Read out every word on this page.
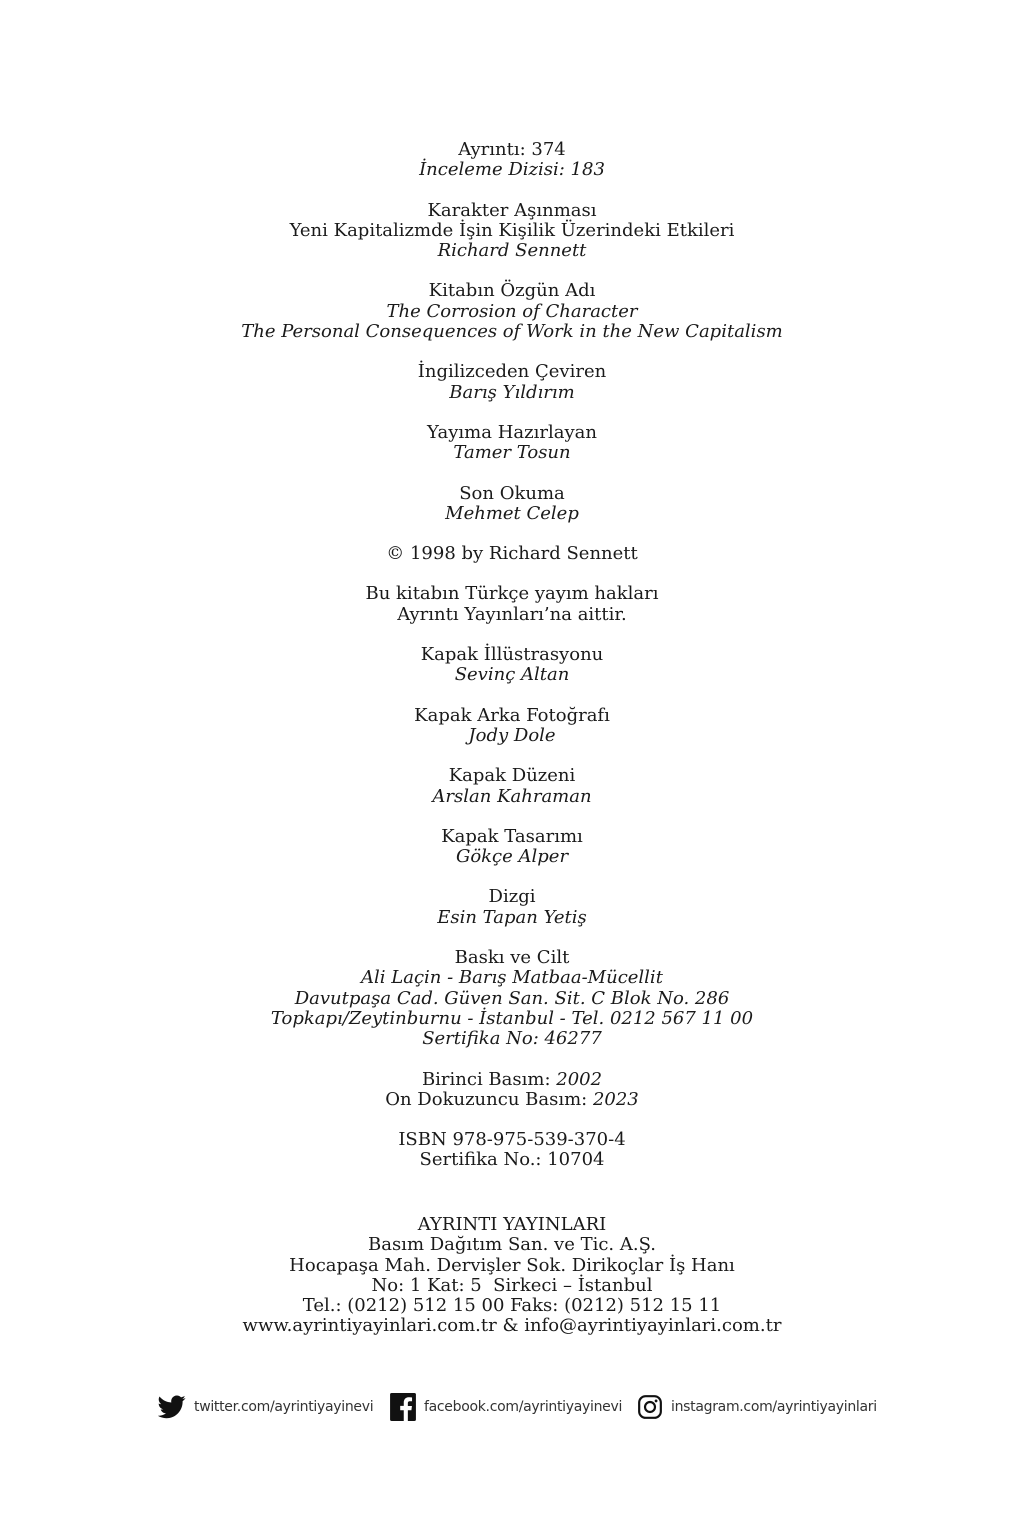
Ayrıntı: 374
İnceleme Dizisi: 183
Karakter Aşınması
Yeni Kapitalizmde İşin Kişilik Üzerindeki Etkileri
Richard Sennett
Kitabın Özgün Adı
The Corrosion of Character
The Personal Consequences of Work in the New Capitalism
İngilizceden Çeviren
Barış Yıldırım
Yayıma Hazırlayan
Tamer Tosun
Son Okuma
Mehmet Celep
© 1998 by Richard Sennett
Bu kitabın Türkçe yayım hakları
Ayrıntı Yayınları’na aittir.
Kapak İllüstrasyonu
Sevinç Altan
Kapak Arka Fotoğrafı
Jody Dole
Kapak Düzeni
Arslan Kahraman
Kapak Tasarımı
Gökçe Alper
Dizgi
Esin Tapan Yetiş
Baskı ve Cilt
Ali Laçin - Barış Matbaa-Mücellit
Davutpaşa Cad. Güven San. Sit. C Blok No. 286
Topkapı/Zeytinburnu - İstanbul - Tel. 0212 567 11 00
Sertifika No: 46277
Birinci Basım: 2002
On Dokuzuncu Basım: 2023
ISBN 978-975-539-370-4
Sertifika No.: 10704
AYRINTI YAYINLARI
Basım Dağıtım San. ve Tic. A.Ş.
Hocapaşa Mah. Dervişler Sok. Dirikoçlar İş Hanı
No: 1 Kat: 5  Sirkeci – İstanbul
Tel.: (0212) 512 15 00 Faks: (0212) 512 15 11
www.ayrintiyayinlari.com.tr & info@ayrintiyayinlari.com.tr
twitter.com/ayrintiyayinevi	facebook.com/ayrintiyayinevi	instagram.com/ayrintiyayinlari
